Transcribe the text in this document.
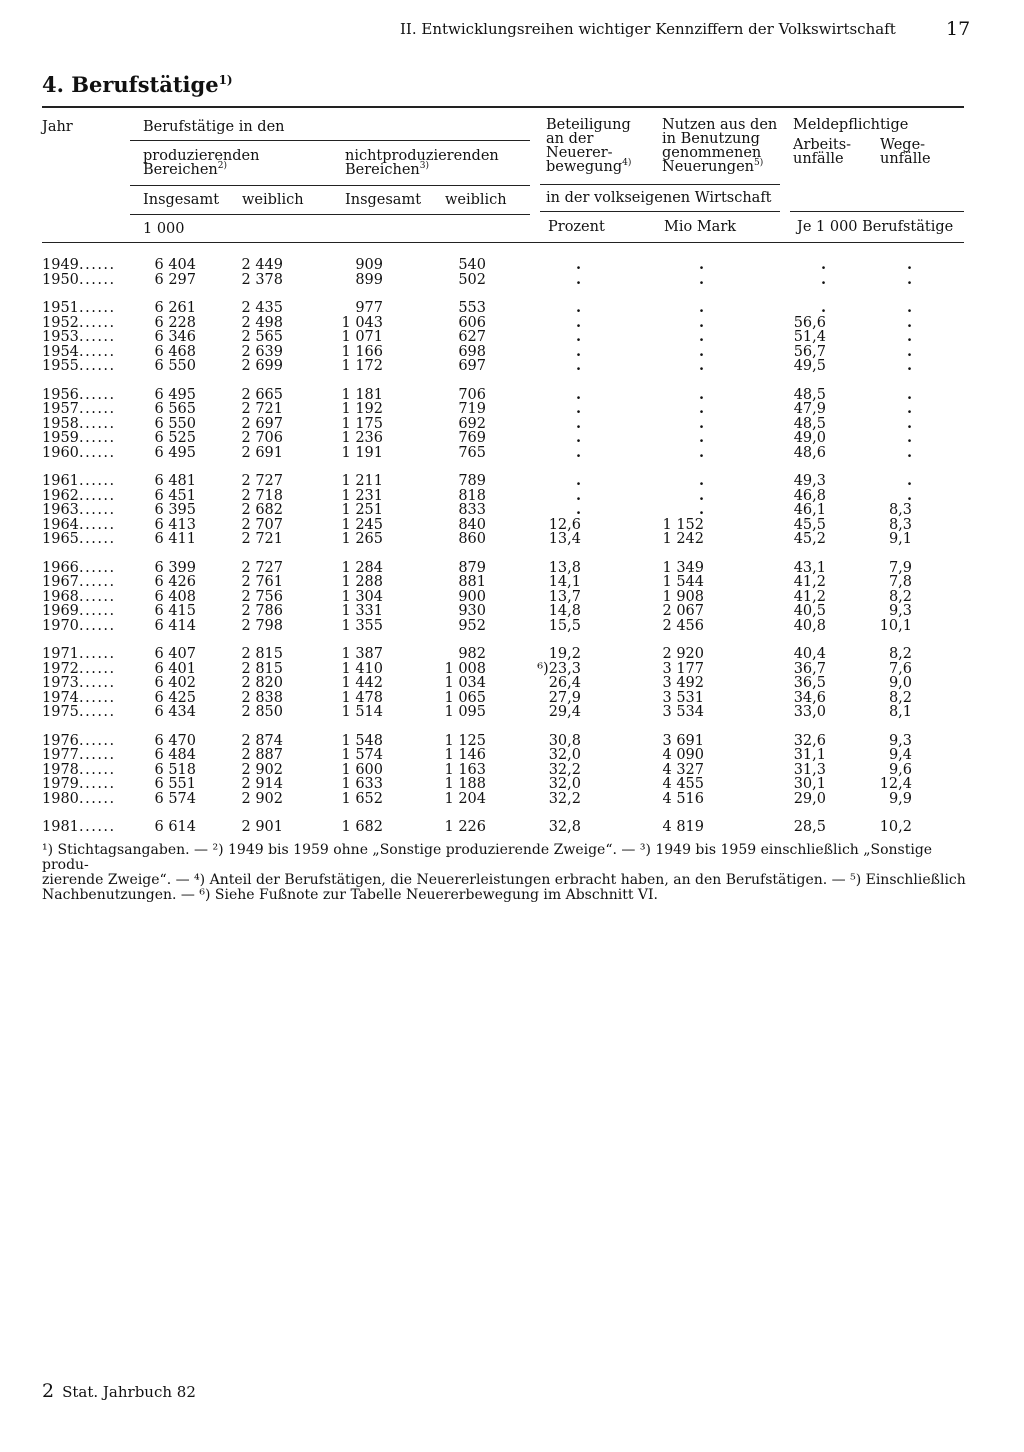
II. Entwicklungsreihen wichtiger Kennziffern der Volkswirtschaft	17
4. Berufstätige$^{1)}$
Jahr	Berufstätige in den
produzierenden
Bereichen$^{2)}$
nichtproduzierenden
Bereichen$^{3)}$
Insgesamt weiblich	Insgesamt weiblich
1 000
Beteiligung
an der
Neuerer-
bewegung$^{4)}$
Nutzen aus den
in Benutzung
genommenen
Neuerungen$^{5)}$
in der volkseigenen Wirtschaft
Prozent	Mio Mark
Meldepflichtige
Arbeits-
unfälle
Wege-
unfälle
Je 1 000 Berufstätige
1949 ......	6 404	2 449	909	540	.	.	.	.
1950 ......	6 297	2 378	899	502	.	.	.	.
1951 ......	6 261	2 435	977	553	.	.	.	.
1952 ......	6 228	2 498	1 043	606	.	.	56,6	.
1953 ......	6 346	2 565	1 071	627	.	.	51,4	.
1954 ......	6 468	2 639	1 166	698	.	.	56,7	.
1955 ......	6 550	2 699	1 172	697	.	.	49,5	.
1956 ......	6 495	2 665	1 181	706	.	.	48,5	.
1957 ......	6 565	2 721	1 192	719	.	.	47,9	.
1958 ......	6 550	2 697	1 175	692	.	.	48,5	.
1959 ......	6 525	2 706	1 236	769	.	.	49,0	.
1960 ......	6 495	2 691	1 191	765	.	.	48,6	.
1961 ......	6 481	2 727	1 211	789	.	.	49,3	.
1962 ......	6 451	2 718	1 231	818	.	.	46,8	.
1963 ......	6 395	2 682	1 251	833	.	.	46,1	8,3
1964 ......	6 413	2 707	1 245	840	12,6	1 152	45,5	8,3
1965 ......	6 411	2 721	1 265	860	13,4	1 242	45,2	9,1
1966 ......	6 399	2 727	1 284	879	13,8	1 349	43,1	7,9
1967 ......	6 426	2 761	1 288	881	14,1	1 544	41,2	7,8
1968 ......	6 408	2 756	1 304	900	13,7	1 908	41,2	8,2
1969 ......	6 415	2 786	1 331	930	14,8	2 067	40,5	9,3
1970 ......	6 414	2 798	1 355	952	15,5	2 456	40,8	10,1
1971 ......	6 407	2 815	1 387	982	19,2	2 920	40,4	8,2
1972 ......	6 401	2 815	1 410	1 008	⁶)23,3	3 177	36,7	7,6
1973 ......	6 402	2 820	1 442	1 034	26,4	3 492	36,5	9,0
1974 ......	6 425	2 838	1 478	1 065	27,9	3 531	34,6	8,2
1975 ......	6 434	2 850	1 514	1 095	29,4	3 534	33,0	8,1
1976 ......	6 470	2 874	1 548	1 125	30,8	3 691	32,6	9,3
1977 ......	6 484	2 887	1 574	1 146	32,0	4 090	31,1	9,4
1978 ......	6 518	2 902	1 600	1 163	32,2	4 327	31,3	9,6
1979 ......	6 551	2 914	1 633	1 188	32,0	4 455	30,1	12,4
1980 ......	6 574	2 902	1 652	1 204	32,2	4 516	29,0	9,9
1981 ......	6 614	2 901	1 682	1 226	32,8	4 819	28,5	10,2
¹) Stichtagsangaben. — ²) 1949 bis 1959 ohne „Sonstige produzierende Zweige“. — ³) 1949 bis 1959 einschließlich „Sonstige produ-
zierende Zweige“. — ⁴) Anteil der Berufstätigen, die Neuererleistungen erbracht haben, an den Berufstätigen. — ⁵) Einschließlich
Nachbenutzungen. — ⁶) Siehe Fußnote zur Tabelle Neuererbewegung im Abschnitt VI.
2 Stat. Jahrbuch 82
